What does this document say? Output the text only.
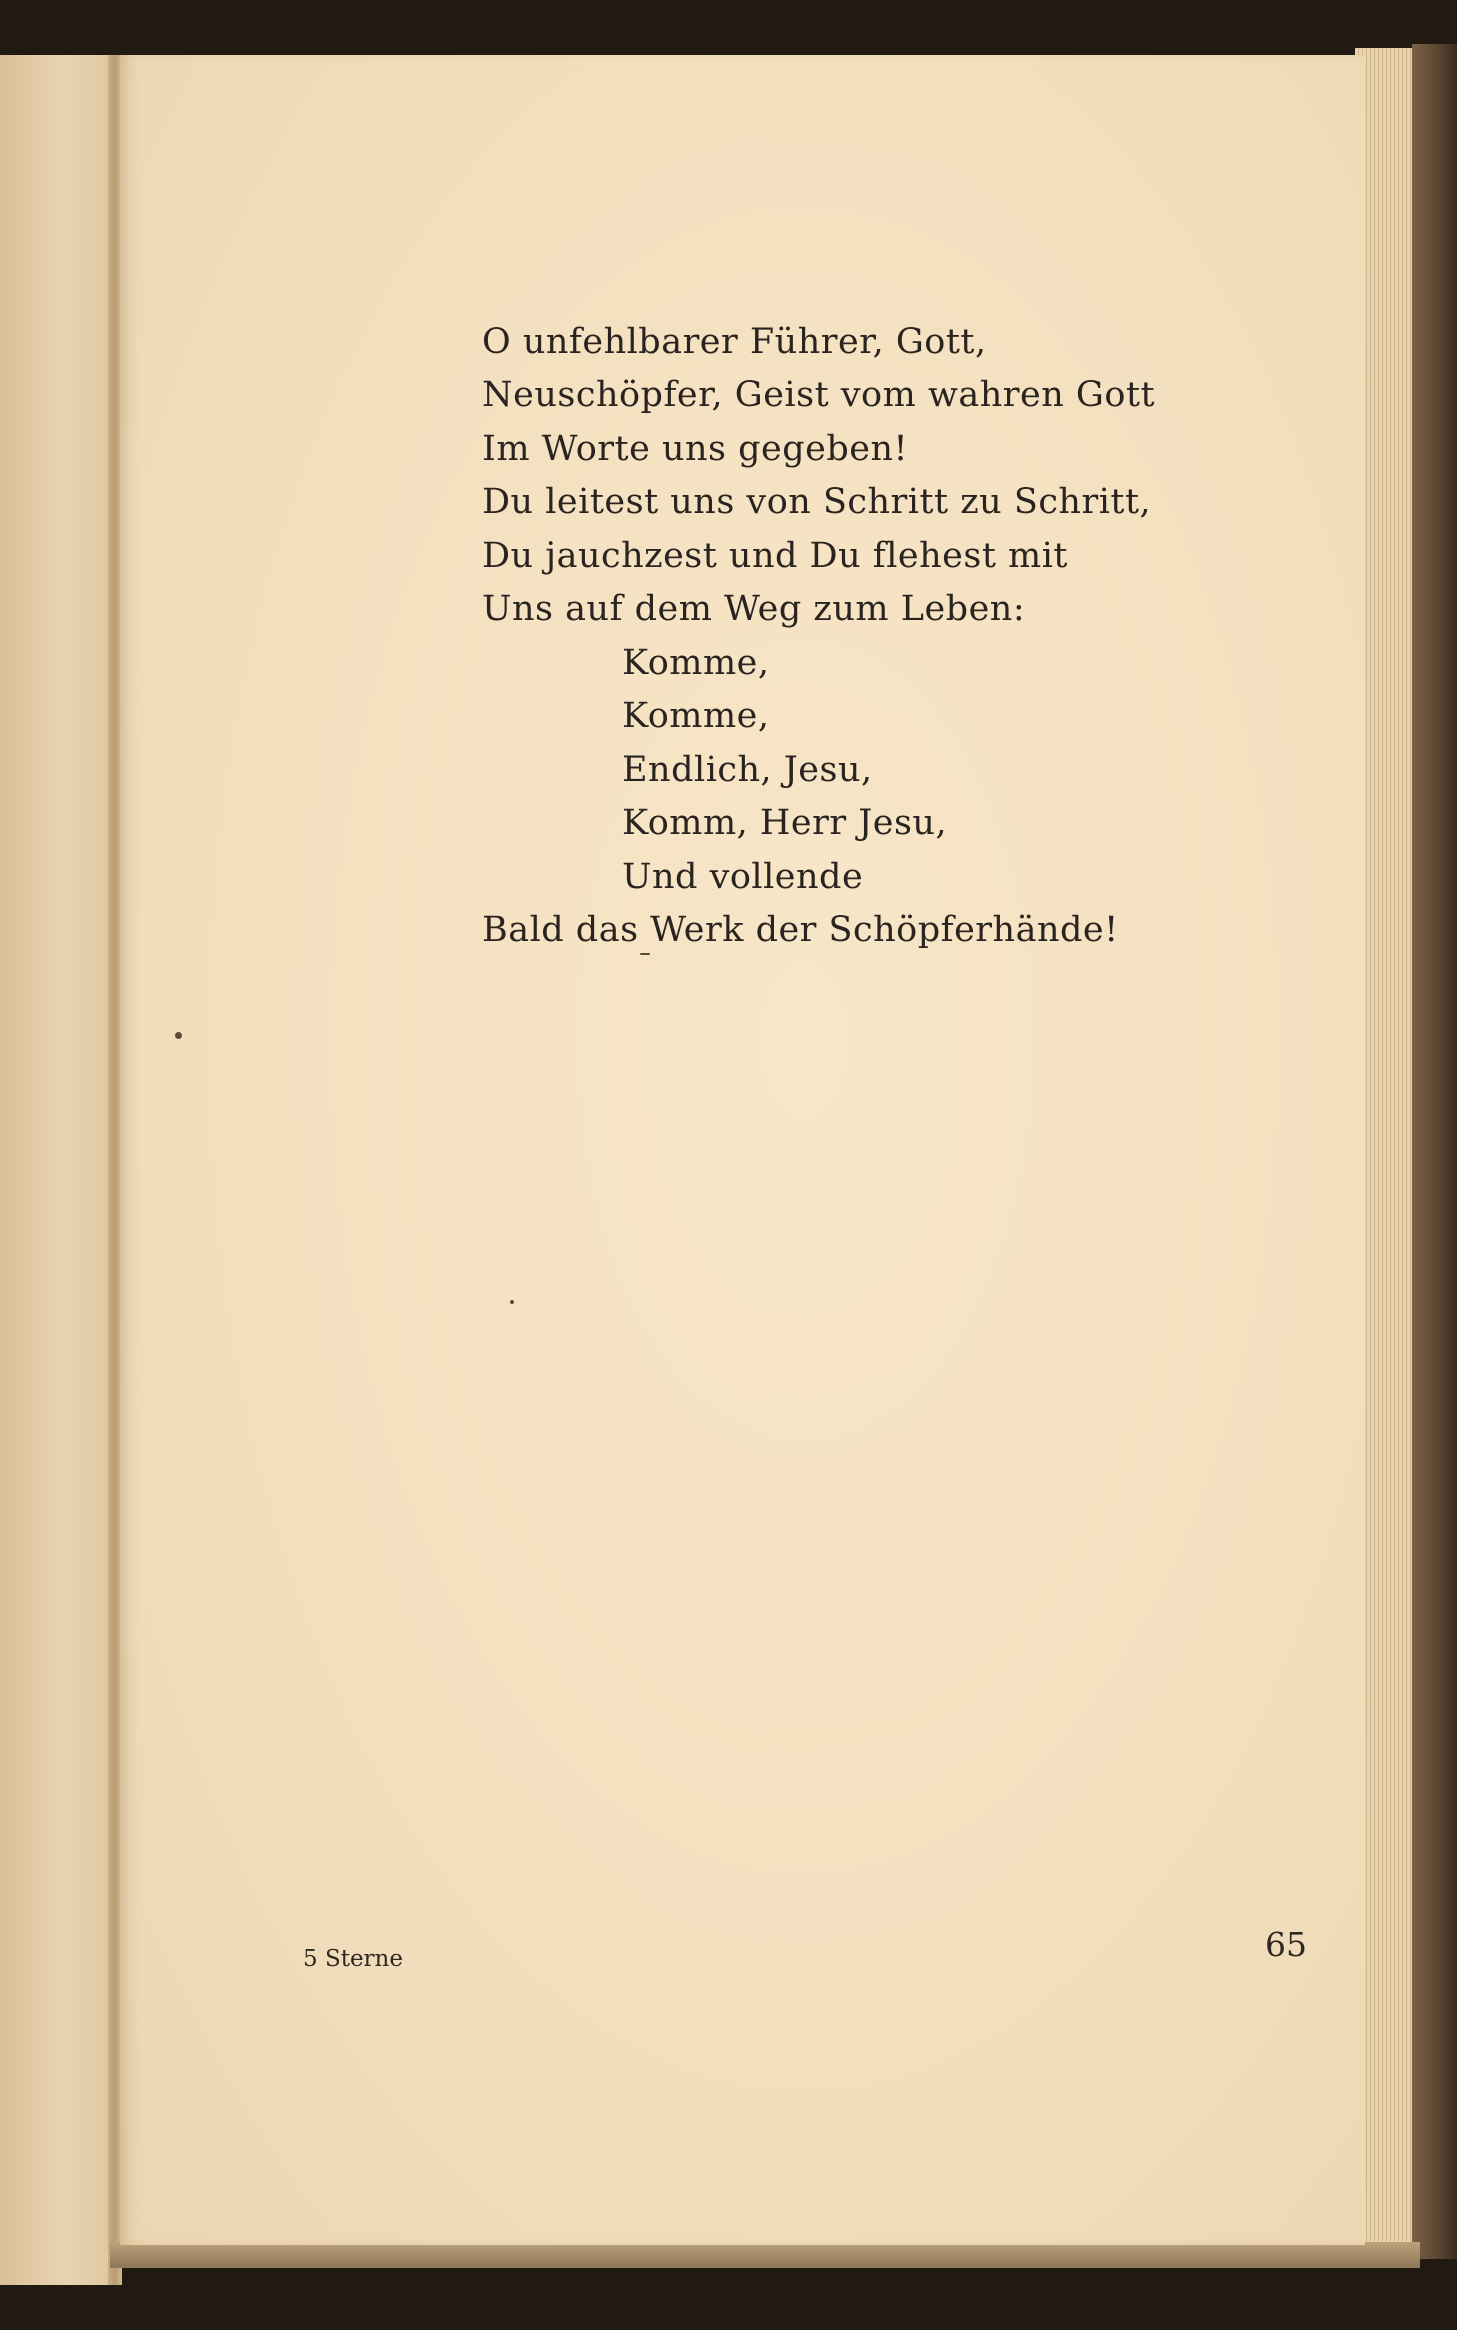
O unfehlbarer Führer, Gott,
Neuschöpfer, Geist vom wahren Gott
Im Worte uns gegeben!
Du leitest uns von Schritt zu Schritt,
Du jauchzest und Du flehest mit
Uns auf dem Weg zum Leben:
Komme,
Komme,
Endlich, Jesu,
Komm, Herr Jesu,
Und vollende
Bald das Werk der Schöpferhände!
5 Sterne	65
